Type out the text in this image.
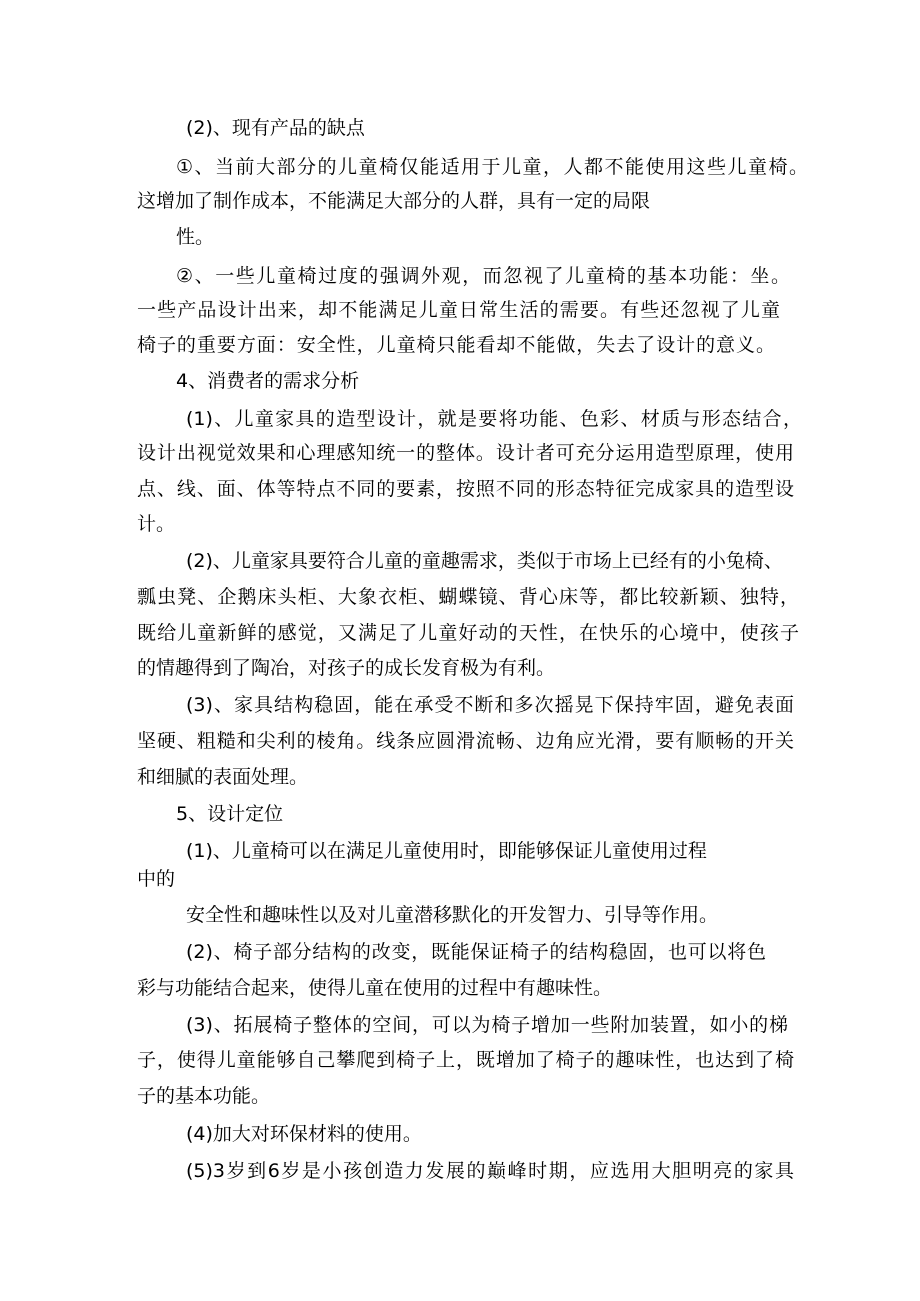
(2)、现有产品的缺点

①、当前大部分的儿童椅仅能适用于儿童，人都不能使用这些儿童椅。

这增加了制作成本，不能满足大部分的人群，具有一定的局限

性。

②、一些儿童椅过度的强调外观，而忽视了儿童椅的基本功能：坐。

一些产品设计出来，却不能满足儿童日常生活的需要。有些还忽视了儿童

椅子的重要方面：安全性，儿童椅只能看却不能做，失去了设计的意义。

4、消费者的需求分析

(1)、儿童家具的造型设计，就是要将功能、色彩、材质与形态结合，

设计出视觉效果和心理感知统一的整体。设计者可充分运用造型原理，使用

点、线、面、体等特点不同的要素，按照不同的形态特征完成家具的造型设

计。

(2)、儿童家具要符合儿童的童趣需求，类似于市场上已经有的小兔椅、

瓢虫凳、企鹅床头柜、大象衣柜、蝴蝶镜、背心床等，都比较新颖、独特，

既给儿童新鲜的感觉，又满足了儿童好动的天性，在快乐的心境中，使孩子

的情趣得到了陶冶，对孩子的成长发育极为有利。

(3)、家具结构稳固，能在承受不断和多次摇晃下保持牢固，避免表面

坚硬、粗糙和尖利的棱角。线条应圆滑流畅、边角应光滑，要有顺畅的开关

和细腻的表面处理。

5、设计定位

(1)、儿童椅可以在满足儿童使用时，即能够保证儿童使用过程

中的

安全性和趣味性以及对儿童潜移默化的开发智力、引导等作用。

(2)、椅子部分结构的改变，既能保证椅子的结构稳固，也可以将色

彩与功能结合起来，使得儿童在使用的过程中有趣味性。

(3)、拓展椅子整体的空间，可以为椅子增加一些附加装置，如小的梯

子，使得儿童能够自己攀爬到椅子上，既增加了椅子的趣味性，也达到了椅

子的基本功能。

(4)加大对环保材料的使用。

(5)3岁到6岁是小孩创造力发展的巅峰时期，应选用大胆明亮的家具
